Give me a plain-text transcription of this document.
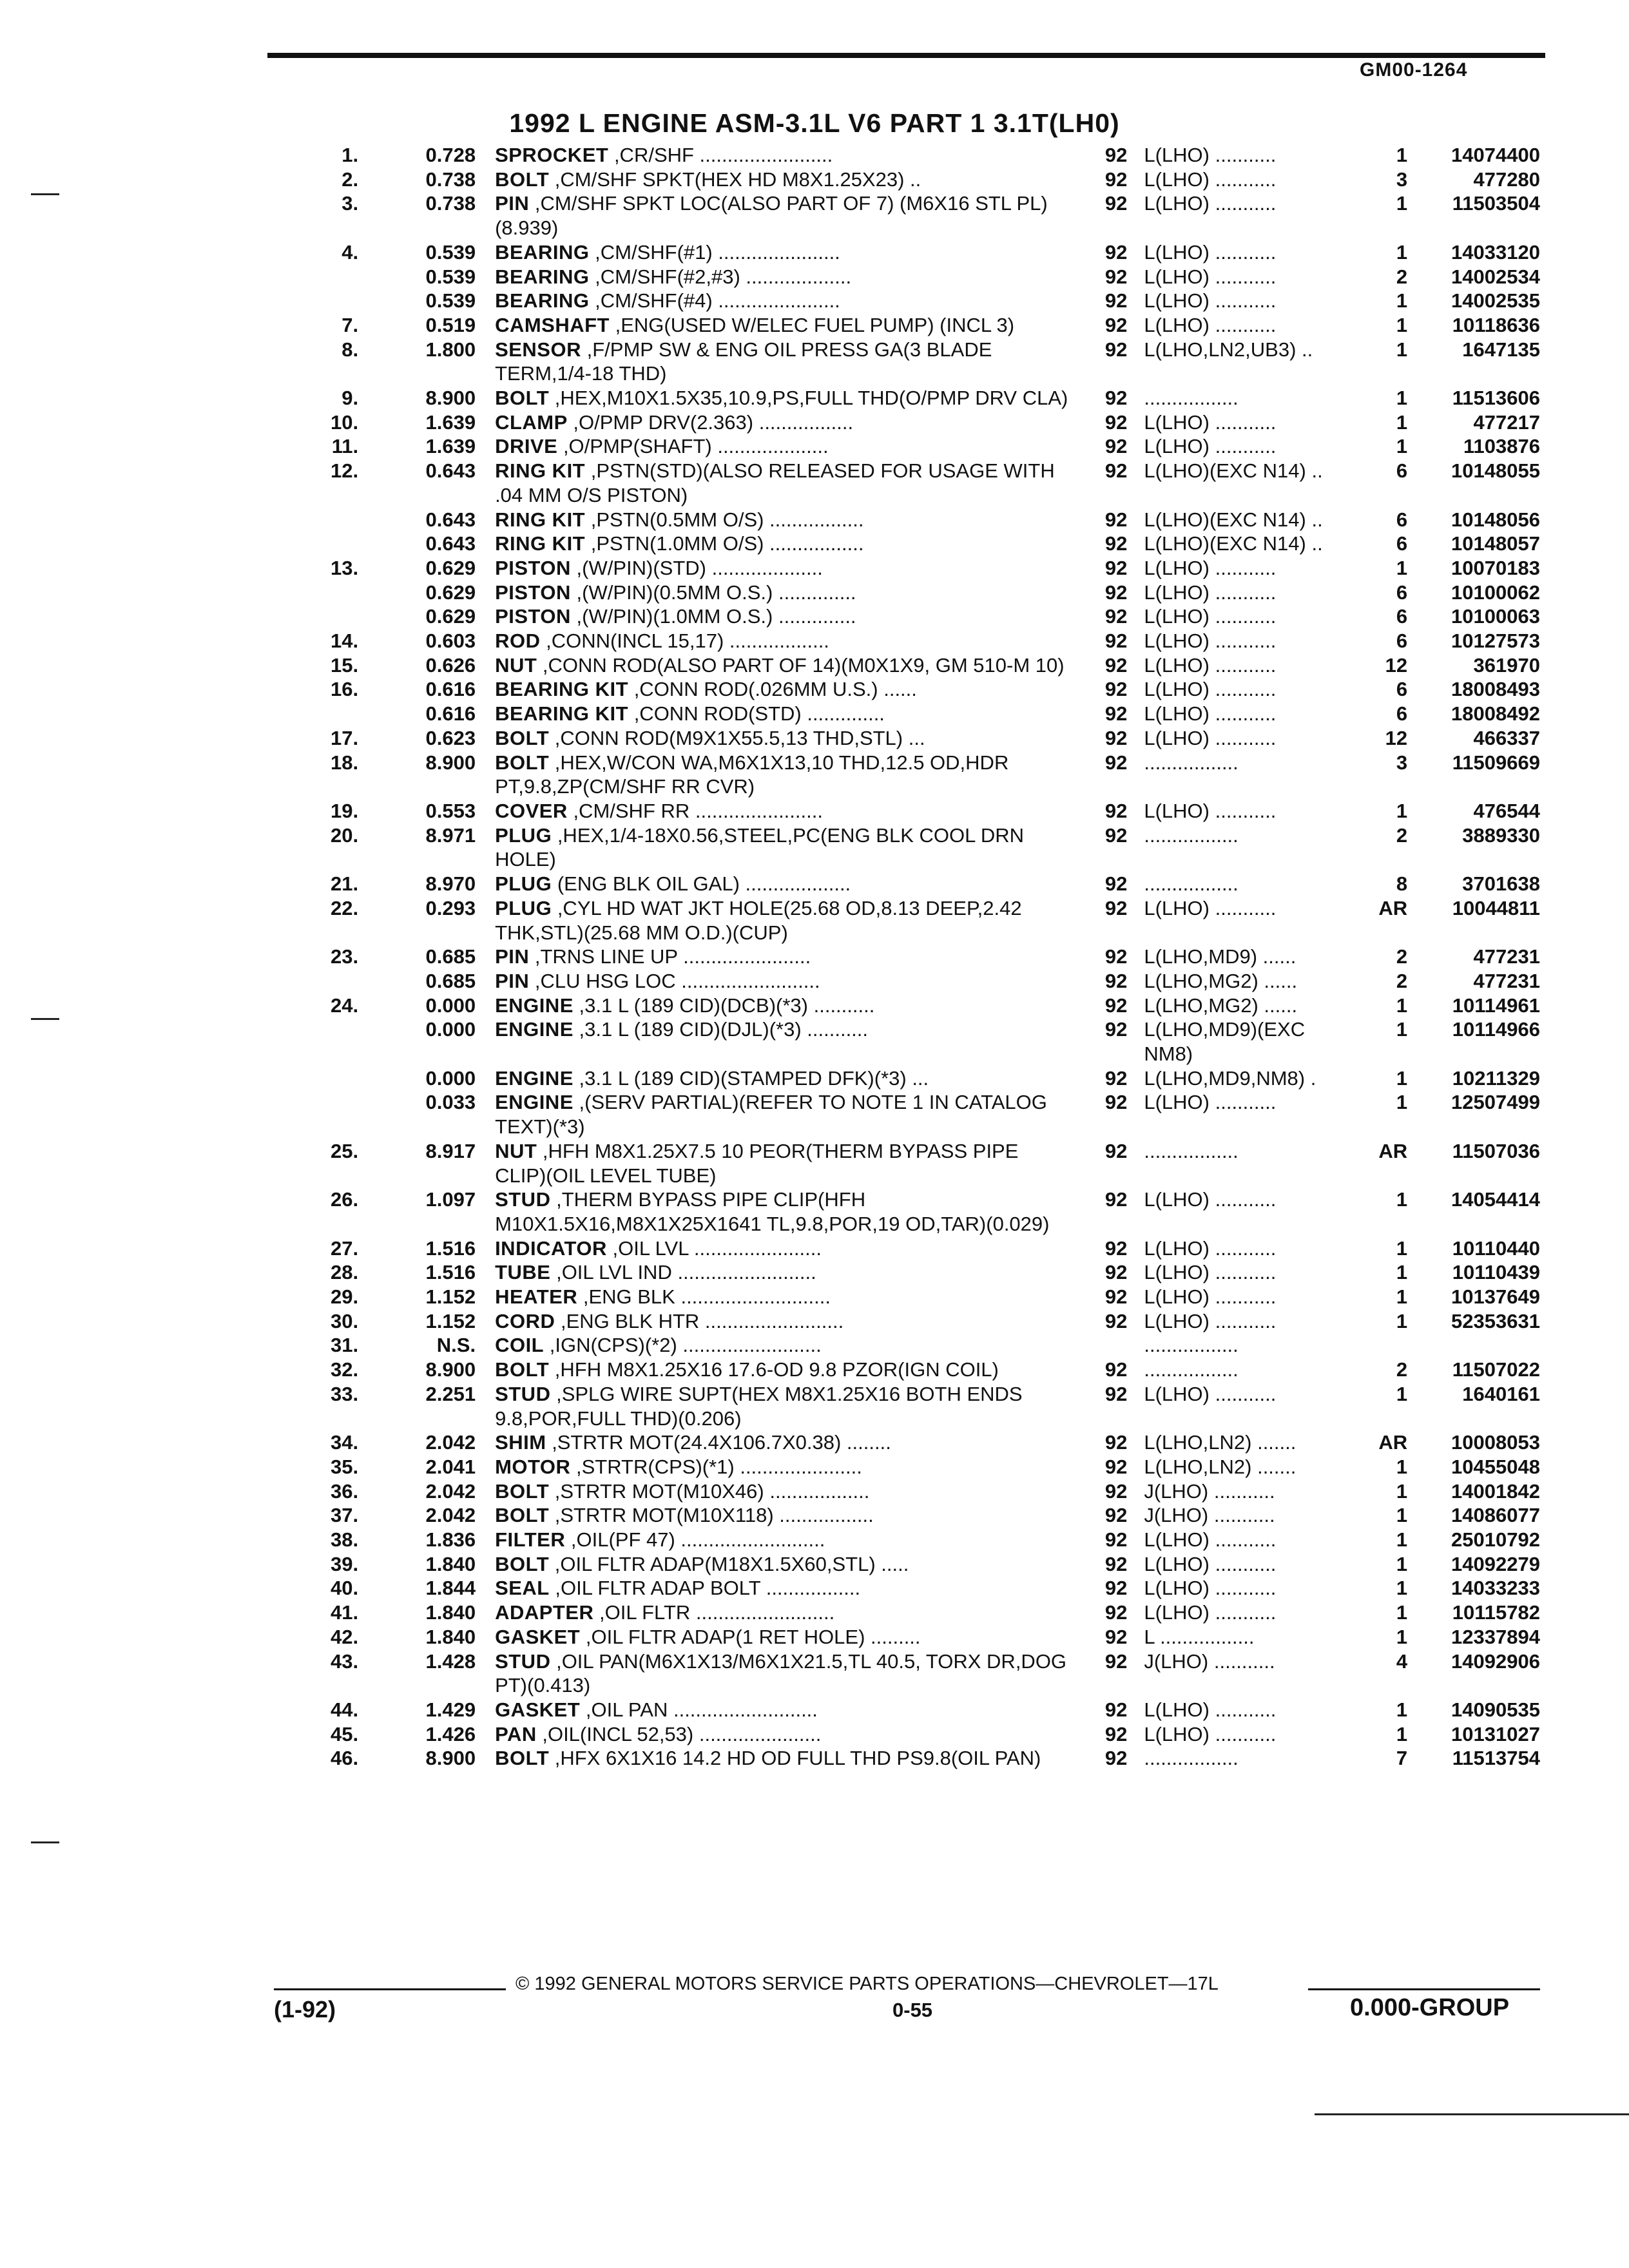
GM00-1264
1992 L ENGINE ASM-3.1L V6 PART 1 3.1T(LH0)
1.	0.728 SPROCKET ,CR/SHF ........................	92 L(LHO) ...........	1	14074400
2.	0.738 BOLT ,CM/SHF SPKT(HEX HD M8X1.25X23) ..	92 L(LHO) ...........	3	477280
3.	0.738 PIN ,CM/SHF SPKT LOC(ALSO PART OF 7) (M6X16 STL PL)(8.939)
92 L(LHO) ...........	1	11503504
4.	0.539 BEARING ,CM/SHF(#1) ......................	92 L(LHO) ...........	1	14033120
0.539 BEARING ,CM/SHF(#2,#3) ...................	92 L(LHO) ...........	2	14002534
0.539 BEARING ,CM/SHF(#4) ......................	92 L(LHO) ...........	1	14002535
7.	0.519 CAMSHAFT ,ENG(USED W/ELEC FUEL PUMP) (INCL 3)	92 L(LHO) ...........	1	10118636
8.	1.800 SENSOR ,F/PMP SW & ENG OIL PRESS GA(3 BLADE TERM,1/4-18 THD)
92 L(LHO,LN2,UB3) ..	1	1647135
9.	8.900 BOLT ,HEX,M10X1.5X35,10.9,PS,FULL THD(O/PMP DRV CLA)	92 .................	1	11513606
10.	1.639 CLAMP ,O/PMP DRV(2.363) .................	92 L(LHO) ...........	1	477217
11.	1.639 DRIVE ,O/PMP(SHAFT) ....................	92 L(LHO) ...........	1	1103876
12.	0.643 RING KIT ,PSTN(STD)(ALSO RELEASED FOR USAGE WITH .04 MM O/S PISTON)
92 L(LHO)(EXC N14) ..	6	10148055
0.643 RING KIT ,PSTN(0.5MM O/S) .................	92 L(LHO)(EXC N14) ..	6	10148056
0.643 RING KIT ,PSTN(1.0MM O/S) .................	92 L(LHO)(EXC N14) ..	6	10148057
13.	0.629 PISTON ,(W/PIN)(STD) ....................	92 L(LHO) ...........	1	10070183
0.629 PISTON ,(W/PIN)(0.5MM O.S.) ..............	92 L(LHO) ...........	6	10100062
0.629 PISTON ,(W/PIN)(1.0MM O.S.) ..............	92 L(LHO) ...........	6	10100063
14.	0.603 ROD ,CONN(INCL 15,17) ..................	92 L(LHO) ...........	6	10127573
15.	0.626 NUT ,CONN ROD(ALSO PART OF 14)(M0X1X9, GM 510-M 10)	92 L(LHO) ...........	12	361970
16.	0.616 BEARING KIT ,CONN ROD(.026MM U.S.) ......	92 L(LHO) ...........	6	18008493
0.616 BEARING KIT ,CONN ROD(STD) ..............	92 L(LHO) ...........	6	18008492
17.	0.623 BOLT ,CONN ROD(M9X1X55.5,13 THD,STL) ...	92 L(LHO) ...........	12	466337
18.	8.900 BOLT ,HEX,W/CON WA,M6X1X13,10 THD,12.5 OD,HDR PT,9.8,ZP(CM/SHF RR CVR)
92 .................	3	11509669
19.	0.553 COVER ,CM/SHF RR .......................	92 L(LHO) ...........	1	476544
20.	8.971 PLUG ,HEX,1/4-18X0.56,STEEL,PC(ENG BLK COOL DRN HOLE)
92 .................	2	3889330
21.	8.970 PLUG (ENG BLK OIL GAL) ...................	92 .................	8	3701638
22.	0.293 PLUG ,CYL HD WAT JKT HOLE(25.68 OD,8.13 DEEP,2.42 THK,STL)(25.68 MM O.D.)(CUP)
92 L(LHO) ...........	AR	10044811
23.	0.685 PIN ,TRNS LINE UP .......................	92 L(LHO,MD9) ......	2	477231
0.685 PIN ,CLU HSG LOC .........................	92 L(LHO,MG2) ......	2	477231
24.	0.000 ENGINE ,3.1 L (189 CID)(DCB)(*3) ...........	92 L(LHO,MG2) ......	1	10114961
0.000 ENGINE ,3.1 L (189 CID)(DJL)(*3) ...........	92 L(LHO,MD9)(EXC NM8)
1	10114966
0.000 ENGINE ,3.1 L (189 CID)(STAMPED DFK)(*3) ...	92 L(LHO,MD9,NM8) .	1	10211329
0.033 ENGINE ,(SERV PARTIAL)(REFER TO NOTE 1 IN CATALOG TEXT)(*3)
92 L(LHO) ...........	1	12507499
25.	8.917 NUT ,HFH M8X1.25X7.5 10 PEOR(THERM BYPASS PIPE CLIP)(OIL LEVEL TUBE)
92 .................	AR	11507036
26.	1.097 STUD ,THERM BYPASS PIPE CLIP(HFH M10X1.5X16,M8X1X25X1641 TL,9.8,POR,19 OD,TAR)(0.029)
92 L(LHO) ...........	1	14054414
27.	1.516 INDICATOR ,OIL LVL .......................	92 L(LHO) ...........	1	10110440
28.	1.516 TUBE ,OIL LVL IND .........................	92 L(LHO) ...........	1	10110439
29.	1.152 HEATER ,ENG BLK ...........................	92 L(LHO) ...........	1	10137649
30.	1.152 CORD ,ENG BLK HTR .........................	92 L(LHO) ...........	1	52353631
31.	N.S. COIL ,IGN(CPS)(*2) .........................	.................
32.	8.900 BOLT ,HFH M8X1.25X16 17.6-OD 9.8 PZOR(IGN COIL)	92 .................	2	11507022
33.	2.251 STUD ,SPLG WIRE SUPT(HEX M8X1.25X16 BOTH ENDS 9.8,POR,FULL THD)(0.206)
92 L(LHO) ...........	1	1640161
34.	2.042 SHIM ,STRTR MOT(24.4X106.7X0.38) ........	92 L(LHO,LN2) .......	AR	10008053
35.	2.041 MOTOR ,STRTR(CPS)(*1) ......................	92 L(LHO,LN2) .......	1	10455048
36.	2.042 BOLT ,STRTR MOT(M10X46) ..................	92 J(LHO) ...........	1	14001842
37.	2.042 BOLT ,STRTR MOT(M10X118) .................	92 J(LHO) ...........	1	14086077
38.	1.836 FILTER ,OIL(PF 47) ..........................	92 L(LHO) ...........	1	25010792
39.	1.840 BOLT ,OIL FLTR ADAP(M18X1.5X60,STL) .....	92 L(LHO) ...........	1	14092279
40.	1.844 SEAL ,OIL FLTR ADAP BOLT .................	92 L(LHO) ...........	1	14033233
41.	1.840 ADAPTER ,OIL FLTR .........................	92 L(LHO) ...........	1	10115782
42.	1.840 GASKET ,OIL FLTR ADAP(1 RET HOLE) .........	92 L .................	1	12337894
43.	1.428 STUD ,OIL PAN(M6X1X13/M6X1X21.5,TL 40.5, TORX DR,DOG PT)(0.413)
92 J(LHO) ...........	4	14092906
44.	1.429 GASKET ,OIL PAN ..........................	92 L(LHO) ...........	1	14090535
45.	1.426 PAN ,OIL(INCL 52,53) ......................	92 L(LHO) ...........	1	10131027
46.	8.900 BOLT ,HFX 6X1X16 14.2 HD OD FULL THD PS9.8(OIL PAN)	92 .................	7	11513754
© 1992 GENERAL MOTORS SERVICE PARTS OPERATIONS—CHEVROLET—17L
(1-92)	0-55	0.000-GROUP
